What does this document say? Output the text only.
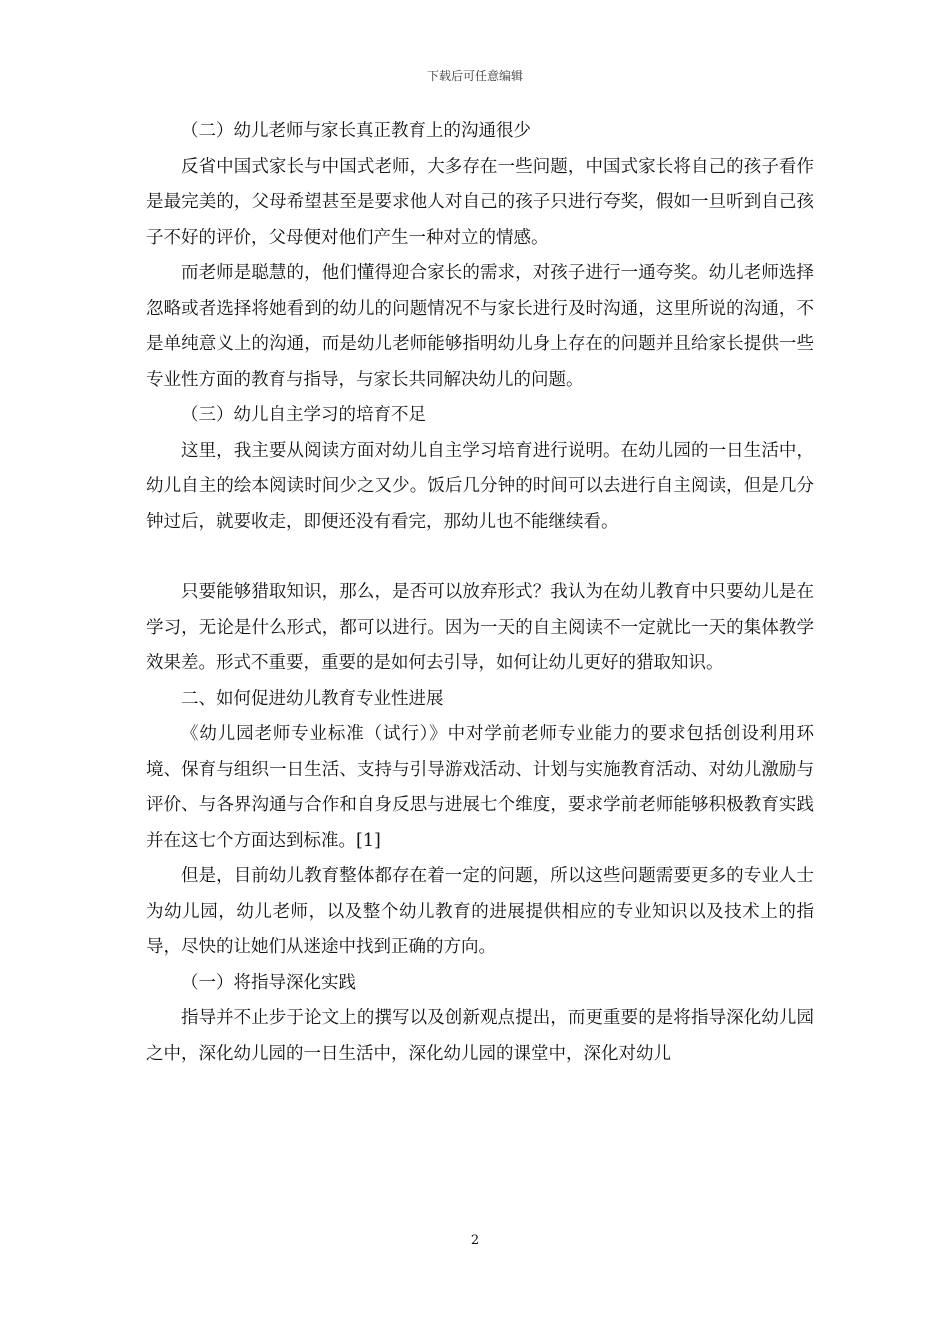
下载后可任意编辑

（二）幼儿老师与家长真正教育上的沟通很少

反省中国式家长与中国式老师，大多存在一些问题，中国式家长将自己的孩子看作是最完美的，父母希望甚至是要求他人对自己的孩子只进行夸奖，假如一旦听到自己孩子不好的评价，父母便对他们产生一种对立的情感。

而老师是聪慧的，他们懂得迎合家长的需求，对孩子进行一通夸奖。幼儿老师选择忽略或者选择将她看到的幼儿的问题情况不与家长进行及时沟通，这里所说的沟通，不是单纯意义上的沟通，而是幼儿老师能够指明幼儿身上存在的问题并且给家长提供一些专业性方面的教育与指导，与家长共同解决幼儿的问题。

（三）幼儿自主学习的培育不足

这里，我主要从阅读方面对幼儿自主学习培育进行说明。在幼儿园的一日生活中，幼儿自主的绘本阅读时间少之又少。饭后几分钟的时间可以去进行自主阅读，但是几分钟过后，就要收走，即便还没有看完，那幼儿也不能继续看。

只要能够猎取知识，那么，是否可以放弃形式？我认为在幼儿教育中只要幼儿是在学习，无论是什么形式，都可以进行。因为一天的自主阅读不一定就比一天的集体教学效果差。形式不重要，重要的是如何去引导，如何让幼儿更好的猎取知识。

二、如何促进幼儿教育专业性进展

《幼儿园老师专业标准（试行）》中对学前老师专业能力的要求包括创设利用环境、保育与组织一日生活、支持与引导游戏活动、计划与实施教育活动、对幼儿激励与评价、与各界沟通与合作和自身反思与进展七个维度，要求学前老师能够积极教育实践并在这七个方面达到标准。[1]

但是，目前幼儿教育整体都存在着一定的问题，所以这些问题需要更多的专业人士为幼儿园，幼儿老师，以及整个幼儿教育的进展提供相应的专业知识以及技术上的指导，尽快的让她们从迷途中找到正确的方向。

（一）将指导深化实践

指导并不止步于论文上的撰写以及创新观点提出，而更重要的是将指导深化幼儿园之中，深化幼儿园的一日生活中，深化幼儿园的课堂中，深化对幼儿

2
